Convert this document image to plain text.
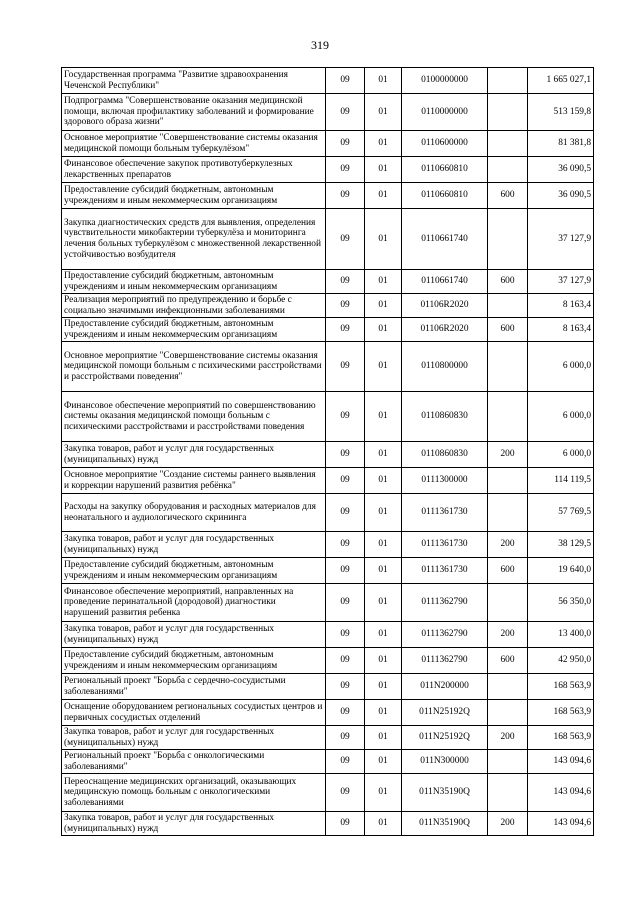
319
Государственная программа "Развитие здравоохранения Чеченской Республики"	09	01	0100000000		1 665 027,1
Подпрограмма "Совершенствование оказания медицинской помощи, включая профилактику заболеваний и формирование здорового образа жизни"	09	01	0110000000		513 159,8
Основное мероприятие "Совершенствование системы оказания медицинской помощи больным туберкулёзом"	09	01	0110600000		81 381,8
Финансовое обеспечение закупок противотуберкулезных лекарственных препаратов	09	01	0110660810		36 090,5
Предоставление субсидий бюджетным, автономным учреждениям и иным некоммерческим организациям	09	01	0110660810	600	36 090,5
Закупка диагностических средств для выявления, определения чувствительности микобактерии туберкулёза и мониторинга лечения больных туберкулёзом с множественной лекарственной устойчивостью возбудителя	09	01	0110661740		37 127,9
Предоставление субсидий бюджетным, автономным учреждениям и иным некоммерческим организациям	09	01	0110661740	600	37 127,9
Реализация мероприятий по предупреждению и борьбе с социально значимыми инфекционными заболеваниями	09	01	01106R2020		8 163,4
Предоставление субсидий бюджетным, автономным учреждениям и иным некоммерческим организациям	09	01	01106R2020	600	8 163,4
Основное мероприятие "Совершенствование системы оказания медицинской помощи больным с психическими расстройствами и расстройствами поведения"	09	01	0110800000		6 000,0
Финансовое обеспечение мероприятий по совершенствованию системы оказания медицинской помощи больным с психическими расстройствами и расстройствами поведения	09	01	0110860830		6 000,0
Закупка товаров, работ и услуг для государственных (муниципальных) нужд	09	01	0110860830	200	6 000,0
Основное мероприятие "Создание системы раннего выявления и коррекции нарушений развития ребёнка"	09	01	0111300000		114 119,5
Расходы на закупку оборудования и расходных материалов для неонатального и аудиологического скрининга	09	01	0111361730		57 769,5
Закупка товаров, работ и услуг для государственных (муниципальных) нужд	09	01	0111361730	200	38 129,5
Предоставление субсидий бюджетным, автономным учреждениям и иным некоммерческим организациям	09	01	0111361730	600	19 640,0
Финансовое обеспечение мероприятий, направленных на проведение перинатальной (дородовой) диагностики нарушений развития ребенка	09	01	0111362790		56 350,0
Закупка товаров, работ и услуг для государственных (муниципальных) нужд	09	01	0111362790	200	13 400,0
Предоставление субсидий бюджетным, автономным учреждениям и иным некоммерческим организациям	09	01	0111362790	600	42 950,0
Региональный проект "Борьба с сердечно-сосудистыми заболеваниями"	09	01	011N200000		168 563,9
Оснащение оборудованием региональных сосудистых центров и первичных сосудистых отделений	09	01	011N25192Q		168 563,9
Закупка товаров, работ и услуг для государственных (муниципальных) нужд	09	01	011N25192Q	200	168 563,9
Региональный проект "Борьба с онкологическими заболеваниями"	09	01	011N300000		143 094,6
Переоснащение медицинских организаций, оказывающих медицинскую помощь больным с онкологическими заболеваниями	09	01	011N35190Q		143 094,6
Закупка товаров, работ и услуг для государственных (муниципальных) нужд	09	01	011N35190Q	200	143 094,6
